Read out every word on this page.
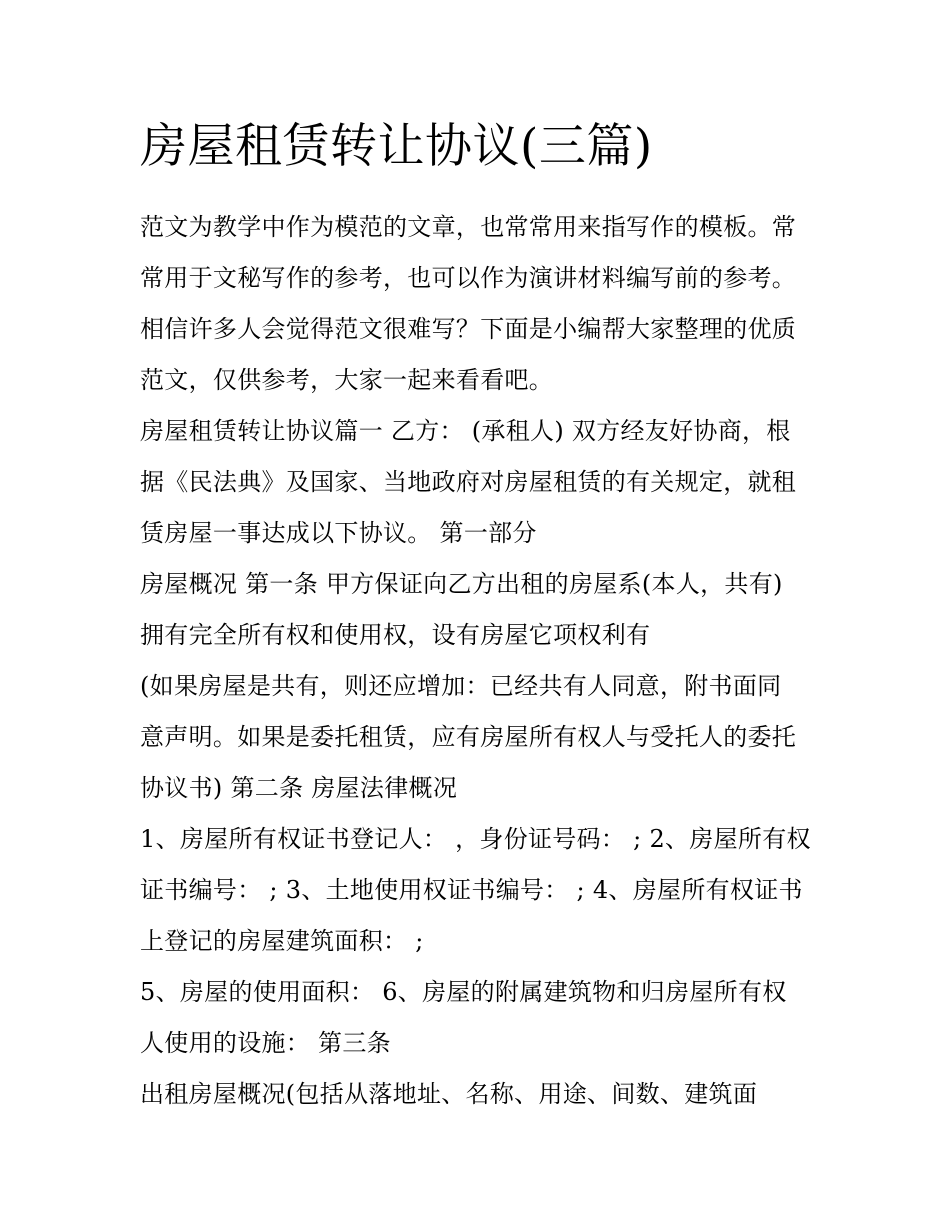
房屋租赁转让协议(三篇)
范文为教学中作为模范的文章，也常常用来指写作的模板。常
常用于文秘写作的参考，也可以作为演讲材料编写前的参考。
相信许多人会觉得范文很难写？下面是小编帮大家整理的优质
范文，仅供参考，大家一起来看看吧。
房屋租赁转让协议篇一 乙方： (承租人) 双方经友好协商，根
据《民法典》及国家、当地政府对房屋租赁的有关规定，就租
赁房屋一事达成以下协议。 第一部分
房屋概况 第一条 甲方保证向乙方出租的房屋系(本人，共有)
拥有完全所有权和使用权，设有房屋它项权利有
(如果房屋是共有，则还应增加：已经共有人同意，附书面同
意声明。如果是委托租赁，应有房屋所有权人与受托人的委托
协议书) 第二条 房屋法律概况
1、房屋所有权证书登记人： ，身份证号码： ; 2、房屋所有权
证书编号： ; 3、土地使用权证书编号： ; 4、房屋所有权证书
上登记的房屋建筑面积： ;
5、房屋的使用面积： 6、房屋的附属建筑物和归房屋所有权
人使用的设施： 第三条
出租房屋概况(包括从落地址、名称、用途、间数、建筑面
